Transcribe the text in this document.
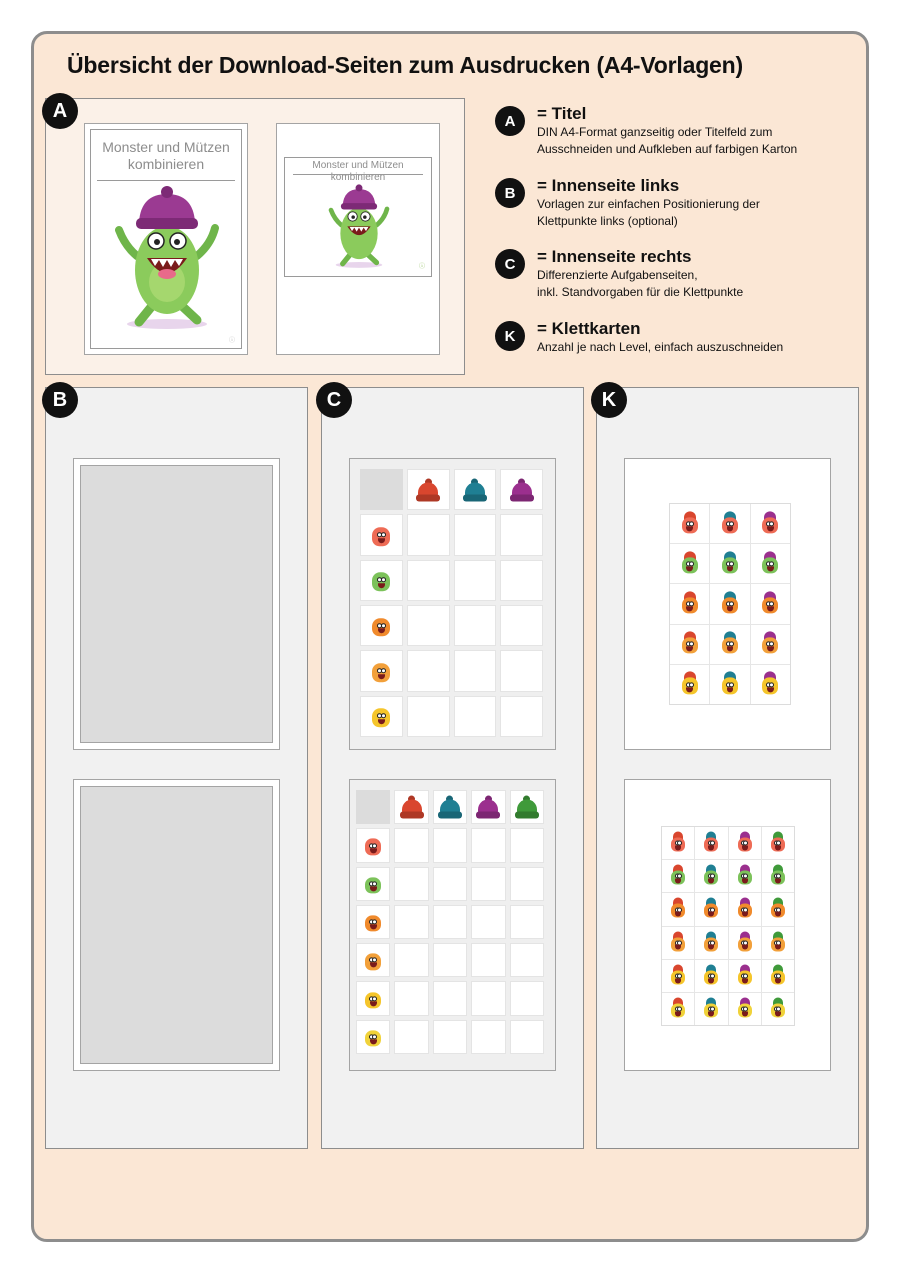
Übersicht der Download-Seiten zum Ausdrucken (A4-Vorlagen)
Monster und Mützen
kombinieren
ⓘ
Monster und Mützen
kombinieren
ⓘ
A	= Titel
DIN A4-Format ganzseitig oder Titelfeld zum
Ausschneiden und Aufkleben auf farbigen Karton
B	= Innenseite links
Vorlagen zur einfachen Positionierung der
Klettpunkte links (optional)
C	= Innenseite rechts
Differenzierte Aufgabenseiten,
inkl. Standvorgaben für die Klettpunkte
K	= Klettkarten
Anzahl je nach Level, einfach auszuschneiden
A
B	C	K
